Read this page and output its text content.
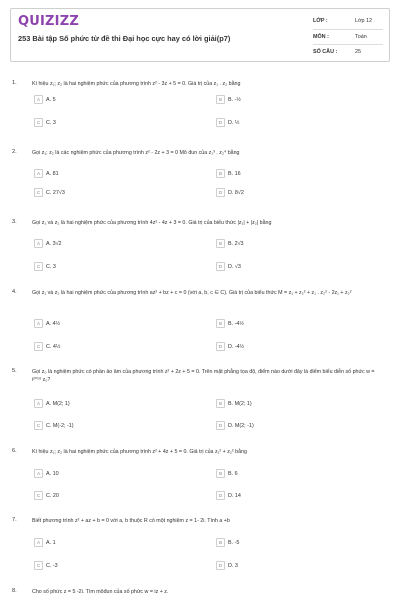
QUIZIZZ
253 Bài tập Số phức từ đề thi Đại học cực hay có lời giải(p7)
LỚP :	Lớp 12
MÔN :	Toán
SỐ CÂU :	25
1.	Kí hiệu z₁; z₂ là hai nghiệm phức của phương trình z² - 3z + 5 = 0. Giá trị của z₁ . z₂ bằng
A	A. 5	B	B. -½
C	C. 3	D	D. ½
2.	Gọi z₁; z₂ là các nghiệm phức của phương trình z² - 2z + 3 = 0 Mô đun của z₁³ . z₂⁴ bằng
A	A. 81	B	B. 16
C	C. 27√3	D	D. 8√2
3.	Gọi z₁ và z₂ là hai nghiệm phức của phương trình 4z² - 4z + 3 = 0. Giá trị của biểu thức |z₁| + |z₂| bằng
A	A. 3√2	B	B. 2√3
C	C. 3	D	D. √3
4.	Gọi z₁ và z₂ là hai nghiệm phức của phương trình az² + bz + c = 0 (với a, b, c ∈ C). Giá trị của biểu thức M = z₁ + z₂² + z₁ . z₂² - 2z₁ + z₂²
A	A. 4½	B	B. -4½
C	C. 4½	D	D. -4½
5.	Gọi z₀ là nghiệm phức có phần ảo âm của phương trình z² + 2z + 5 = 0. Trên mặt phẳng tọa độ, điểm nào dưới đây là điểm biểu diễn số phức w = i²⁰¹⁹ z₀?
A	A. M(2; 1)	B	B. M(2; 1)
C	C. M(-2; -1)	D	D. M(2; -1)
6.	Kí hiệu z₁; z₂ là hai nghiệm phức của phương trình z² + 4z + 5 = 0. Giá trị của z₁² + z₂² bằng
A	A. 10	B	B. 6
C	C. 20	D	D. 14
7.	Biết phương trình z² + az + b = 0 với a, b thuộc R có một nghiệm z = 1- 2i. Tính a +b
A	A. 1	B	B. -5
C	C. -3	D	D. 3
8.	Cho số phức z = 5 -2i. Tìm môđun của số phức w = iz + z.
